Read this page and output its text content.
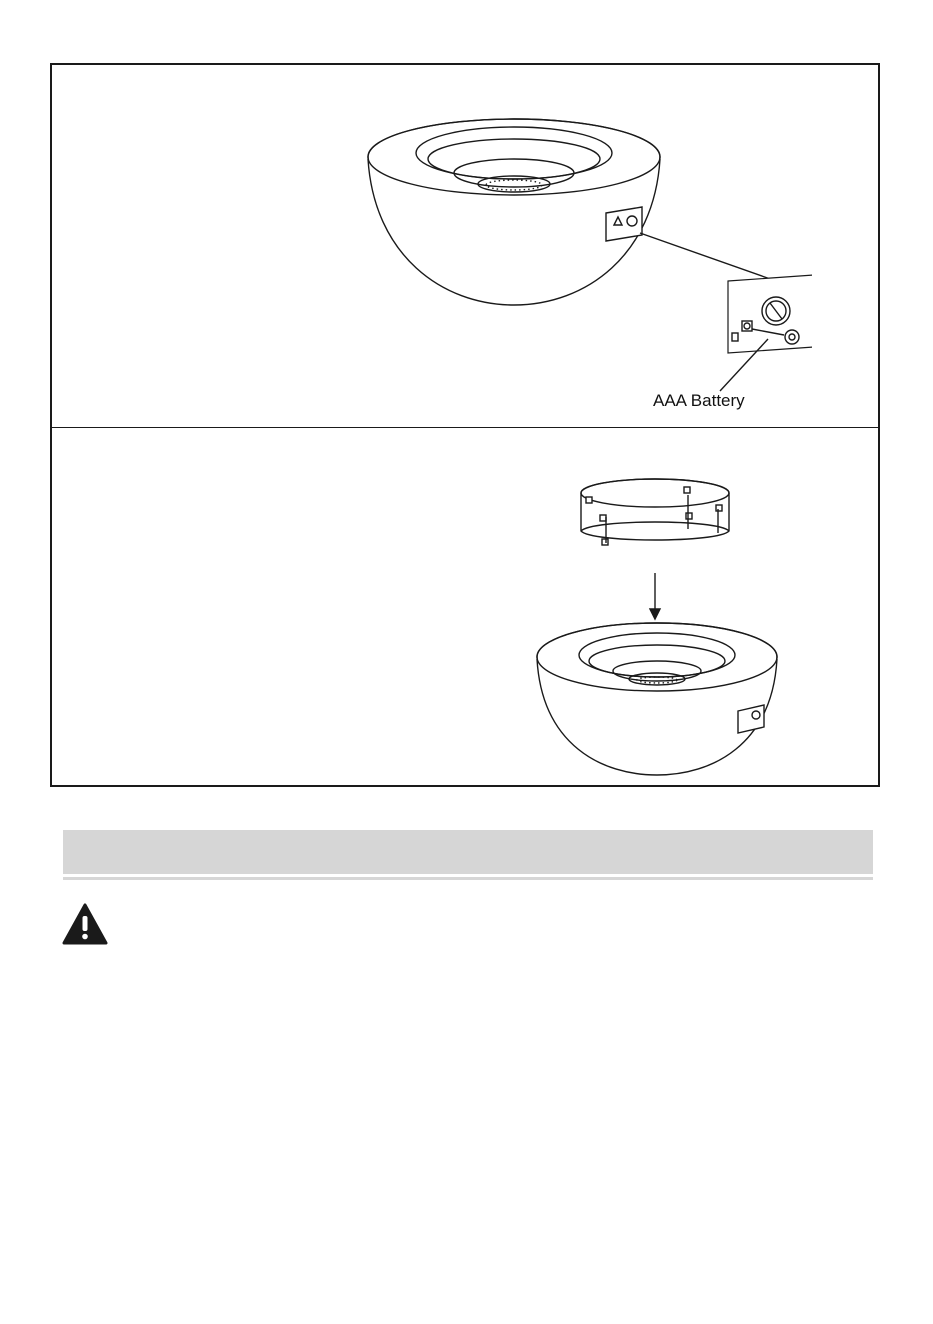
AAA Battery
